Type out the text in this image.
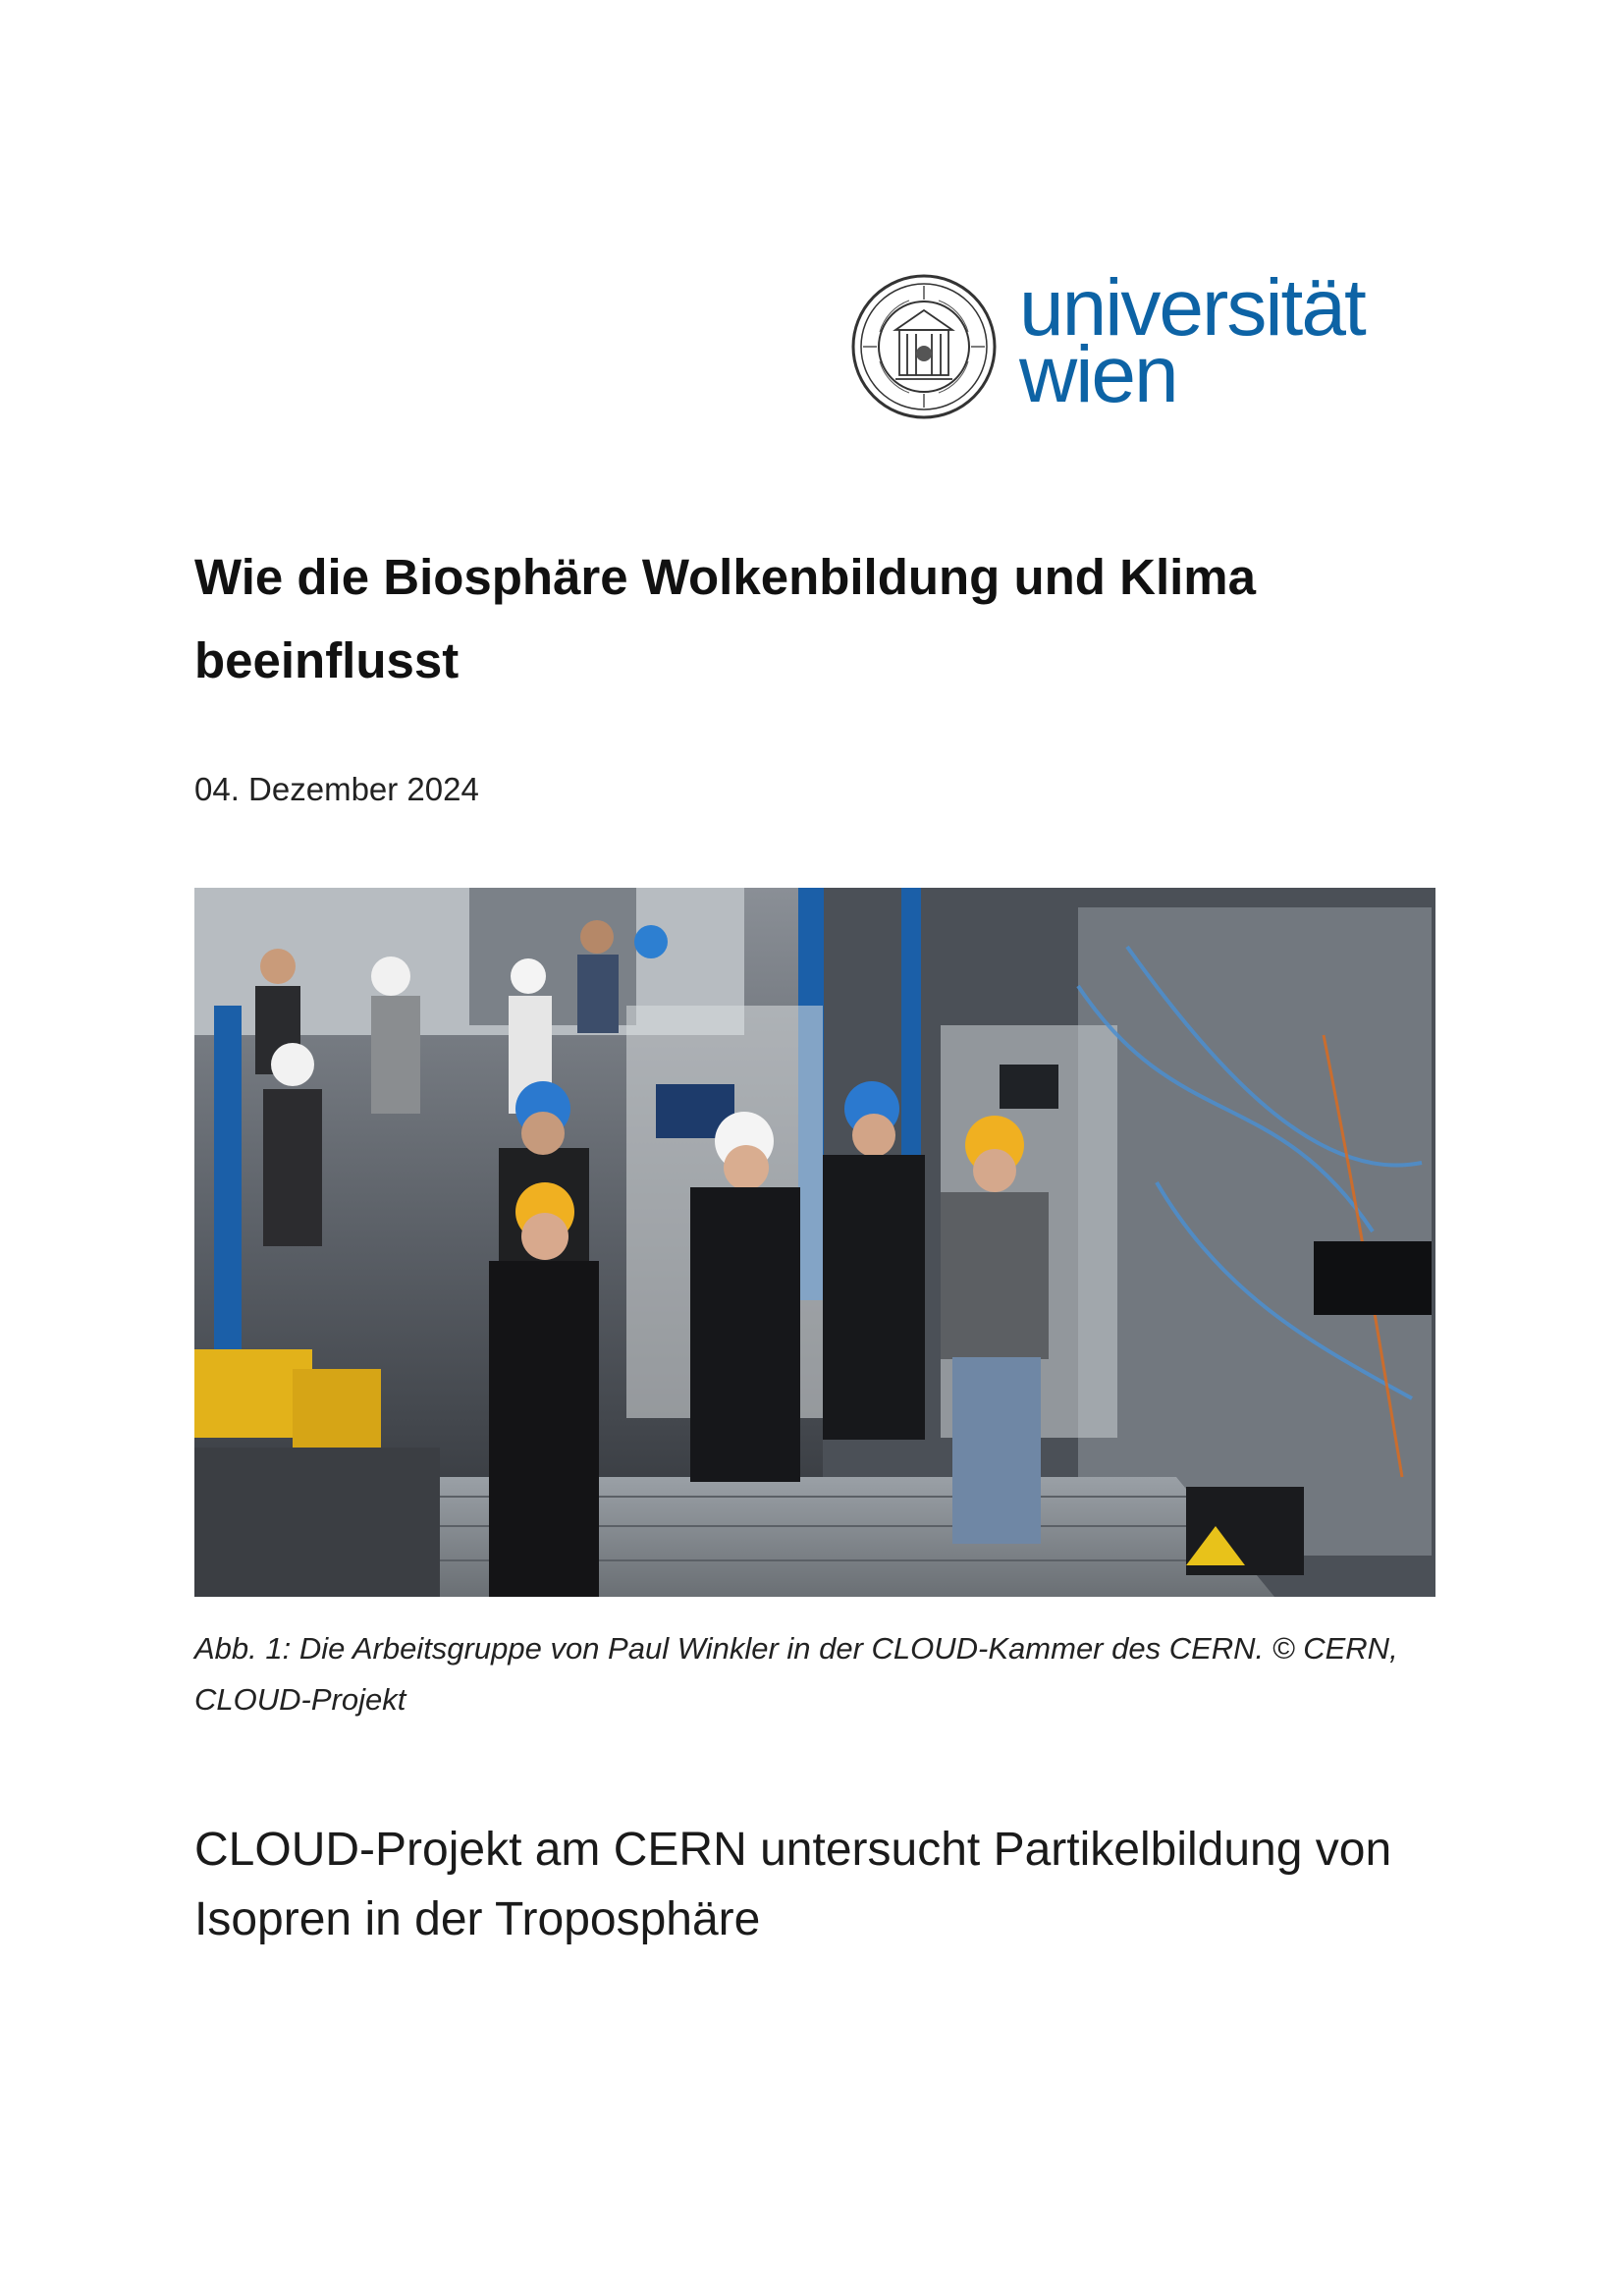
universität
wien
Wie die Biosphäre Wolkenbildung und Klima beeinflusst
04. Dezember 2024
Abb. 1: Die Arbeitsgruppe von Paul Winkler in der CLOUD-Kammer des CERN. © CERN, CLOUD-Projekt
CLOUD-Projekt am CERN untersucht Partikelbildung von Isopren in der Troposphäre
